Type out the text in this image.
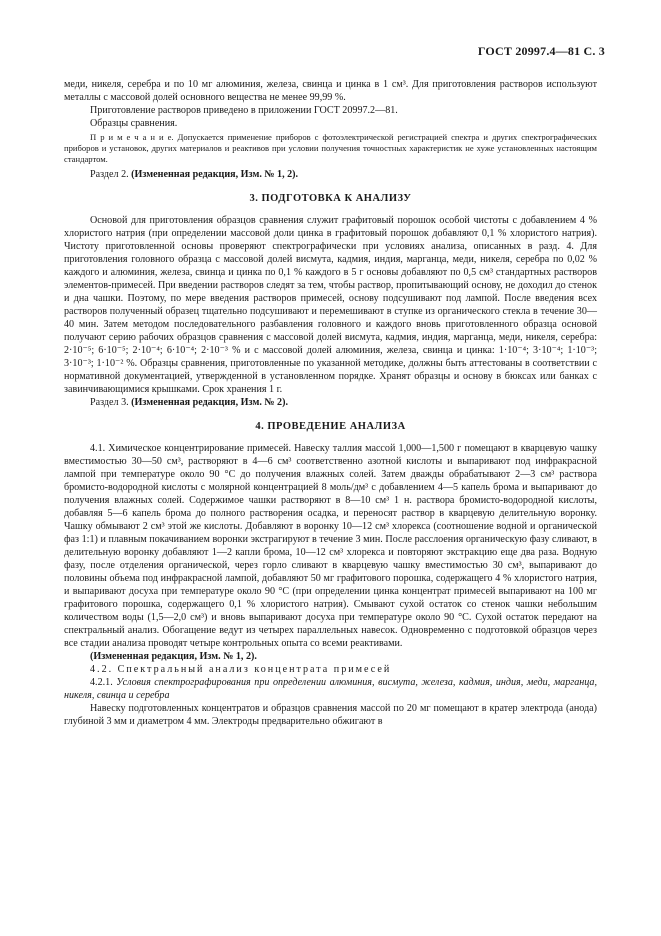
ГОСТ 20997.4—81 С. 3

меди, никеля, серебра и по 10 мг алюминия, железа, свинца и цинка в 1 см³. Для приготовления растворов используют металлы с массовой долей основного вещества не менее 99,99 %.

Приготовление растворов приведено в приложении ГОСТ 20997.2—81.

Образцы сравнения.

П р и м е ч а н и е. Допускается применение приборов с фотоэлектрической регистрацией спектра и других спектрографических приборов и установок, других материалов и реактивов при условии получения точностных характеристик не хуже установленных настоящим стандартом.

Раздел 2. (Измененная редакция, Изм. № 1, 2).

3. ПОДГОТОВКА К АНАЛИЗУ

Основой для приготовления образцов сравнения служит графитовый порошок особой чистоты с добавлением 4 % хлористого натрия (при определении массовой доли цинка в графитовый порошок добавляют 0,1 % хлористого натрия). Чистоту приготовленной основы проверяют спектрографически при условиях анализа, описанных в разд. 4. Для приготовления головного образца с массовой долей висмута, кадмия, индия, марганца, меди, никеля, серебра по 0,02 % каждого и алюминия, железа, свинца и цинка по 0,1 % каждого в 5 г основы добавляют по 0,5 см³ стандартных растворов элементов-примесей. При введении растворов следят за тем, чтобы раствор, пропитывающий основу, не доходил до стенок и дна чашки. Поэтому, по мере введения растворов примесей, основу подсушивают под лампой. После введения всех растворов полученный образец тщательно подсушивают и перемешивают в ступке из органического стекла в течение 30—40 мин. Затем методом последовательного разбавления головного и каждого вновь приготовленного образца основой получают серию рабочих образцов сравнения с массовой долей висмута, кадмия, индия, марганца, меди, никеля, серебра: 2·10⁻⁵; 6·10⁻⁵; 2·10⁻⁴; 6·10⁻⁴; 2·10⁻³ % и с массовой долей алюминия, железа, свинца и цинка: 1·10⁻⁴; 3·10⁻⁴; 1·10⁻³; 3·10⁻³; 1·10⁻² %. Образцы сравнения, приготовленные по указанной методике, должны быть аттестованы в соответствии с нормативной документацией, утвержденной в установленном порядке. Хранят образцы и основу в бюксах или банках с завинчивающимися крышками. Срок хранения 1 г.

Раздел 3. (Измененная редакция, Изм. № 2).

4. ПРОВЕДЕНИЕ АНАЛИЗА

4.1. Химическое концентрирование примесей. Навеску таллия массой 1,000—1,500 г помещают в кварцевую чашку вместимостью 30—50 см³, растворяют в 4—6 см³ соответственно азотной кислоты и выпаривают под инфракрасной лампой при температуре около 90 °С до получения влажных солей. Затем дважды обрабатывают 2—3 см³ раствора бромисто-водородной кислоты с молярной концентрацией 8 моль/дм³ с добавлением 4—5 капель брома и выпаривают до получения влажных солей. Содержимое чашки растворяют в 8—10 см³ 1 н. раствора бромисто-водородной кислоты, добавляя 5—6 капель брома до полного растворения осадка, и переносят раствор в кварцевую делительную воронку. Чашку обмывают 2 см³ этой же кислоты. Добавляют в воронку 10—12 см³ хлорекса (соотношение водной и органической фаз 1:1) и плавным покачиванием воронки экстрагируют в течение 3 мин. После расслоения органическую фазу сливают, в делительную воронку добавляют 1—2 капли брома, 10—12 см³ хлорекса и повторяют экстракцию еще два раза. Водную фазу, после отделения органической, через горло сливают в кварцевую чашку вместимостью 30 см³, выпаривают до половины объема под инфракрасной лампой, добавляют 50 мг графитового порошка, содержащего 4 % хлористого натрия, и выпаривают досуха при температуре около 90 °С (при определении цинка концентрат примесей выпаривают на 100 мг графитового порошка, содержащего 0,1 % хлористого натрия). Смывают сухой остаток со стенок чашки небольшим количеством воды (1,5—2,0 см³) и вновь выпаривают досуха при температуре около 90 °С. Сухой остаток передают на спектральный анализ. Обогащение ведут из четырех параллельных навесок. Одновременно с подготовкой образцов через все стадии анализа проводят четыре контрольных опыта со всеми реактивами.

(Измененная редакция, Изм. № 1, 2).

4.2. Спектральный анализ концентрата примесей

4.2.1. Условия спектрографирования при определении алюминия, висмута, железа, кадмия, индия, меди, марганца, никеля, свинца и серебра

Навеску подготовленных концентратов и образцов сравнения массой по 20 мг помещают в кратер электрода (анода) глубиной 3 мм и диаметром 4 мм. Электроды предварительно обжигают в
